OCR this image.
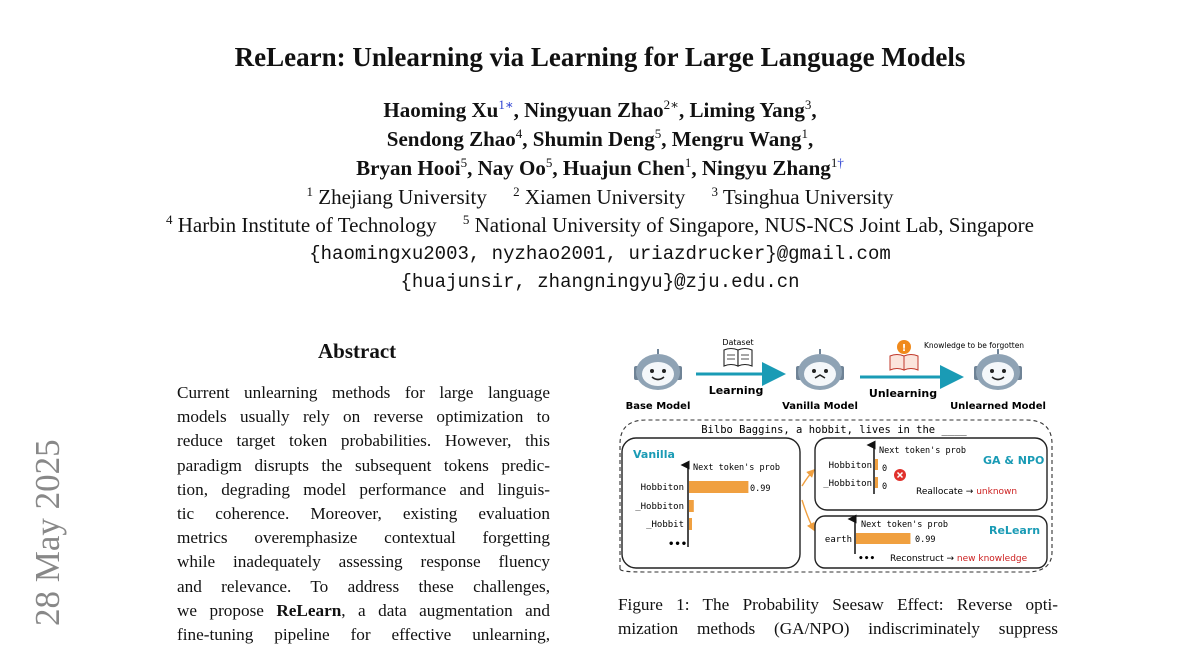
ReLearn: Unlearning via Learning for Large Language Models
Haoming $Xu^{1∗}$, Ningyuan Zhao$^{2∗}$, Liming Yang$^3$,
Sendong Zhao$^4$, Shumin Deng$^5$, Mengru Wang$^1$,
Bryan Hooi$^5$, Nay Oo$^5$, Huajun Chen$^1$, Ningyu Zhang$^{1\dagger}$
$^1$ Zhejiang University $^2$ Xiamen University $^3$ Tsinghua University
$^4$ Harbin Institute of Technology $^5$ National University of Singapore, NUS-NCS Joint Lab, Singapore
{haomingxu2003, nyzhao2001, uriazdrucker}@gmail.com
{huajunsir, zhangningyu}@zju.edu.cn
28 May 2025
Abstract
Current unlearning methods for large language
models usually rely on reverse optimization to
reduce target token probabilities. However, this
paradigm disrupts the subsequent tokens predic-
tion, degrading model performance and linguis-
tic coherence. Moreover, existing evaluation
metrics overemphasize contextual forgetting
while inadequately assessing response fluency
and relevance. To address these challenges,
we propose ReLearn, a data augmentation and
fine-tuning pipeline for effective unlearning,
Base Model	Vanilla Model	Unlearned Model
Dataset
Learning
! Knowledge to be forgotten
Unlearning
Bilbo Baggins, a hobbit, lives in the ____
Vanilla
Next token's prob
Hobbiton
_Hobbiton
_Hobbit
0.99
•••
GA & NPO
Next token's prob
Hobbiton
_Hobbiton
0
0	Reallocate → unknown
ReLearn
Next token's prob
earth	0.99
••• Reconstruct → new knowledge
Figure 1: The Probability Seesaw Effect: Reverse opti-
mization methods (GA/NPO) indiscriminately suppress
